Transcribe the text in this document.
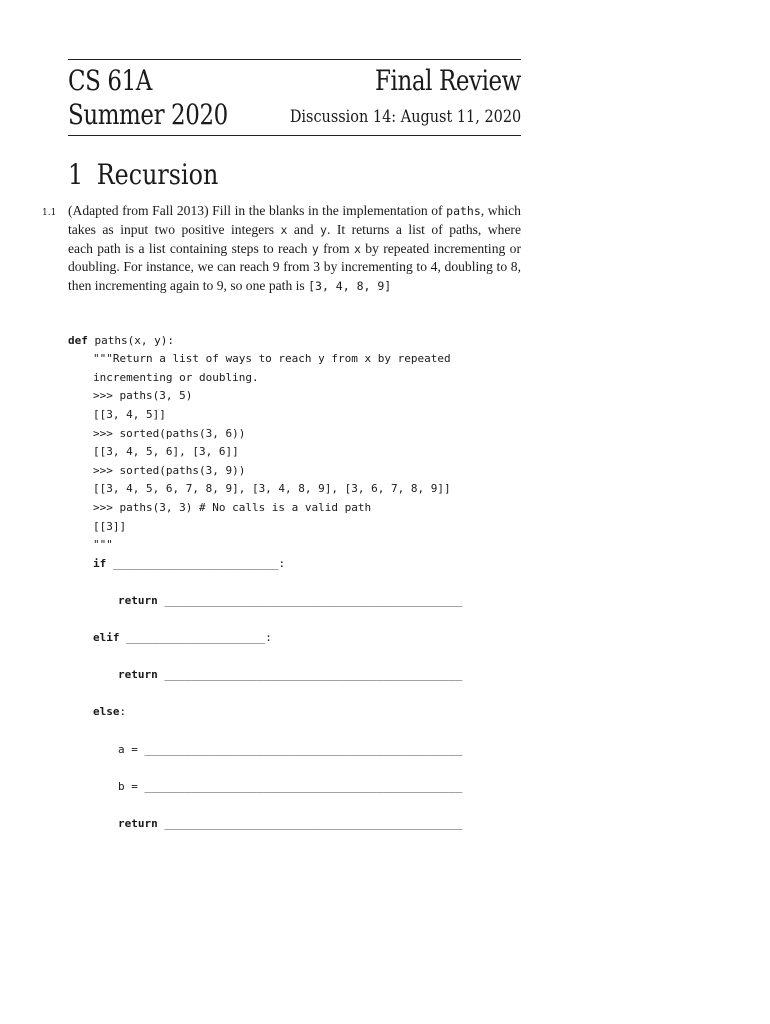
CS 61A
Summer 2020
Final Review
Discussion 14: August 11, 2020
1 Recursion
1.1 (Adapted from Fall 2013) Fill in the blanks in the implementation of paths, which
takes as input two positive integers x and y. It returns a list of paths, where
each path is a list containing steps to reach y from x by repeated incrementing or
doubling. For instance, we can reach 9 from 3 by incrementing to 4, doubling to 8,
then incrementing again to 9, so one path is [3, 4, 8, 9]

def paths(x, y):
"""Return a list of ways to reach y from x by repeated
incrementing or doubling.
>>> paths(3, 5)
[[3, 4, 5]]
>>> sorted(paths(3, 6))
[[3, 4, 5, 6], [3, 6]]
>>> sorted(paths(3, 9))
[[3, 4, 5, 6, 7, 8, 9], [3, 4, 8, 9], [3, 6, 7, 8, 9]]
>>> paths(3, 3) # No calls is a valid path
[[3]]
"""
if _________________________:
return _____________________________________________
elif _____________________:
return _____________________________________________
else:
a = ________________________________________________
b = ________________________________________________
return _____________________________________________
